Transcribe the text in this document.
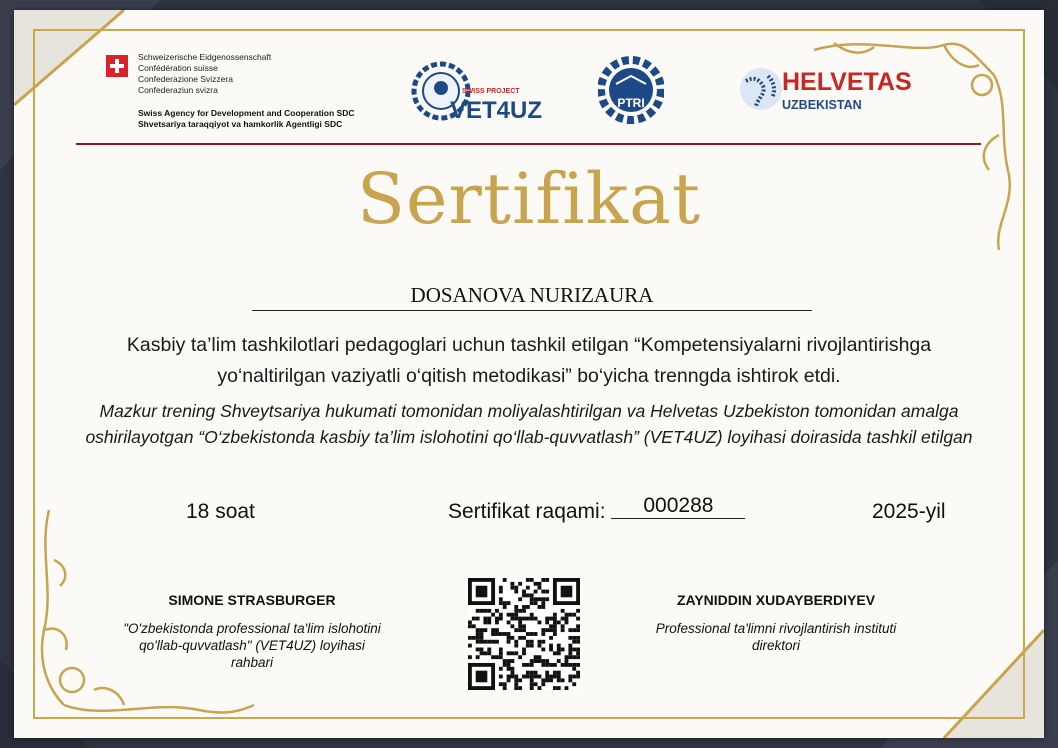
Schweizerische Eidgenossenschaft
Confédération suisse
Confederazione Svizzera
Confederaziun svizra
Swiss Agency for Development and Cooperation SDC
Shvetsariya taraqqiyot va hamkorlik Agentligi SDC
SWISS PROJECT
VET4UZ	PTRI
HELVETAS
UZBEKISTAN
Sertifikat
DOSANOVA NURIZAURA
Kasbiy ta’lim tashkilotlari pedagoglari uchun tashkil etilgan “Kompetensiyalarni rivojlantirishga yo‘naltirilgan vaziyatli o‘qitish metodikasi” bo‘yicha trenngda ishtirok etdi.
Mazkur trening Shveytsariya hukumati tomonidan moliyalashtirilgan va Helvetas Uzbekiston tomonidan amalga oshirilayotgan “O‘zbekistonda kasbiy ta’lim islohotini qo‘llab-quvvatlash” (VET4UZ) loyihasi doirasida tashkil etilgan
18 soat	Sertifikat raqami: 000288	2025-yil
SIMONE STRASBURGER
"O'zbekistonda professional ta'lim islohotini qo'llab-quvvatlash" (VET4UZ) loyihasi rahbari
ZAYNIDDIN XUDAYBERDIYEV
Professional ta'limni rivojlantirish instituti direktori
